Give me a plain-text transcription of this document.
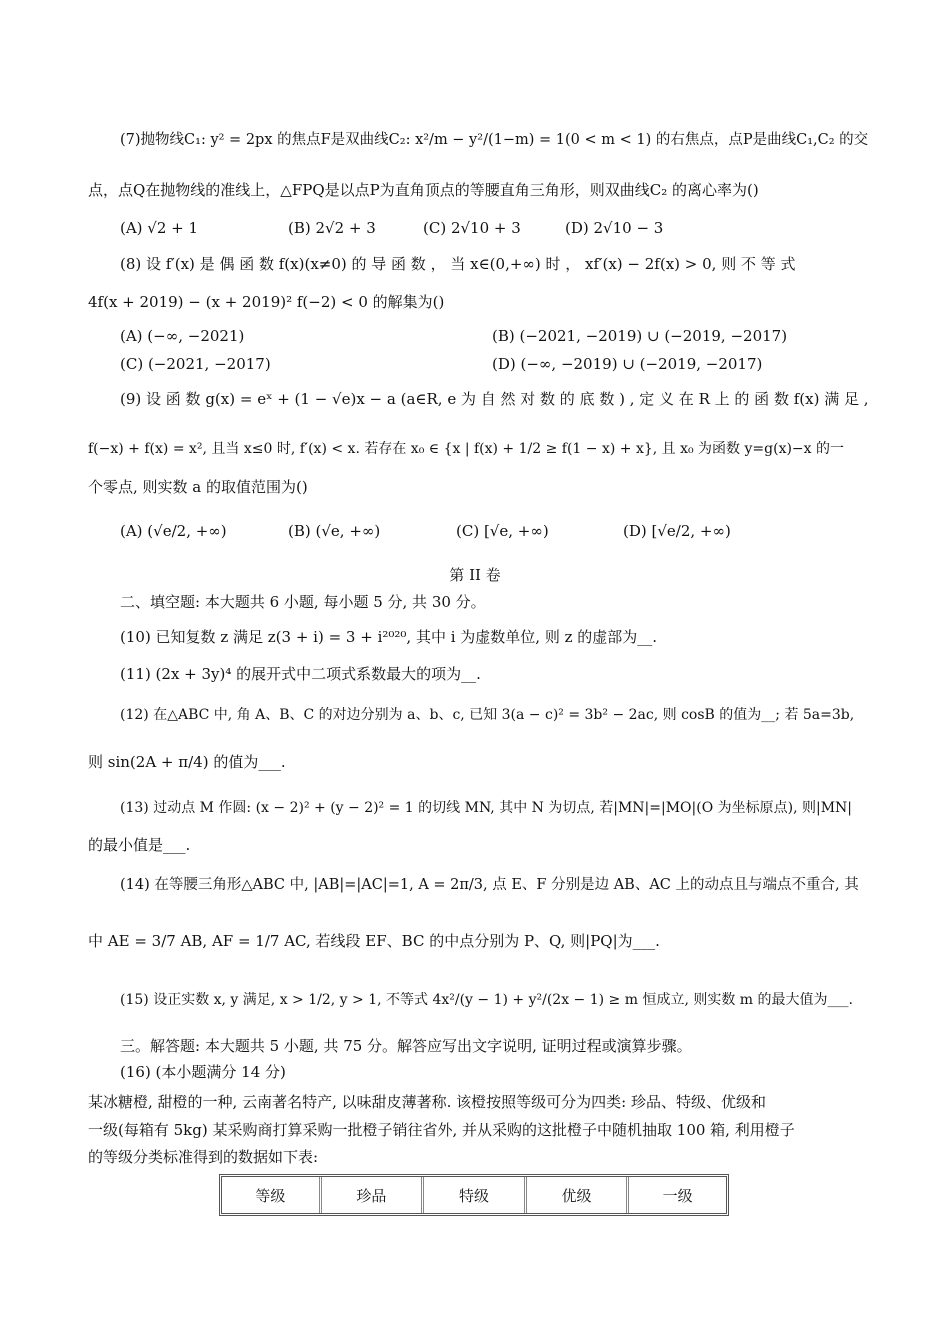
(7)抛物线C₁: y² = 2px 的焦点F是双曲线C₂: x²/m − y²/(1−m) = 1(0 < m < 1) 的右焦点，点P是曲线C₁,C₂ 的交
点，点Q在抛物线的准线上，△FPQ是以点P为直角顶点的等腰直角三角形，则双曲线C₂ 的离心率为()
(A) √2 + 1	(B) 2√2 + 3	(C) 2√10 + 3	(D) 2√10 − 3
(8) 设 f′(x) 是 偶 函 数 f(x)(x≠0) 的 导 函 数 ， 当 x∈(0,+∞) 时 ， xf′(x) − 2f(x) > 0, 则 不 等 式
4f(x + 2019) − (x + 2019)² f(−2) < 0 的解集为()
(A) (−∞, −2021)	(B) (−2021, −2019) ∪ (−2019, −2017)
(C) (−2021, −2017)	(D) (−∞, −2019) ∪ (−2019, −2017)
(9) 设 函 数 g(x) = eˣ + (1 − √e)x − a (a∈R, e 为 自 然 对 数 的 底 数 ) , 定 义 在 R 上 的 函 数 f(x) 满 足 ,
f(−x) + f(x) = x², 且当 x≤0 时, f′(x) < x. 若存在 x₀ ∈ {x | f(x) + 1/2 ≥ f(1 − x) + x}, 且 x₀ 为函数 y=g(x)−x 的一
个零点, 则实数 a 的取值范围为()
(A) (√e/2, +∞)	(B) (√e, +∞)	(C) [√e, +∞)	(D) [√e/2, +∞)
第 II 卷
二、填空题: 本大题共 6 小题, 每小题 5 分, 共 30 分。
(10) 已知复数 z 满足 z(3 + i) = 3 + i²⁰²⁰, 其中 i 为虚数单位, 则 z 的虚部为__.
(11) (2x + 3y)⁴ 的展开式中二项式系数最大的项为__.
(12) 在△ABC 中, 角 A、B、C 的对边分别为 a、b、c, 已知 3(a − c)² = 3b² − 2ac, 则 cosB 的值为__; 若 5a=3b,
则 sin(2A + π/4) 的值为___.
(13) 过动点 M 作圆: (x − 2)² + (y − 2)² = 1 的切线 MN, 其中 N 为切点, 若|MN|=|MO|(O 为坐标原点), 则|MN|
的最小值是___.
(14) 在等腰三角形△ABC 中, |AB|=|AC|=1, A = 2π/3, 点 E、F 分别是边 AB、AC 上的动点且与端点不重合, 其
中 AE = 3/7 AB, AF = 1/7 AC, 若线段 EF、BC 的中点分别为 P、Q, 则|PQ|为___.
(15) 设正实数 x, y 满足, x > 1/2, y > 1, 不等式 4x²/(y − 1) + y²/(2x − 1) ≥ m 恒成立, 则实数 m 的最大值为___.
三。解答题: 本大题共 5 小题, 共 75 分。解答应写出文字说明, 证明过程或演算步骤。
(16) (本小题满分 14 分)
某冰糖橙, 甜橙的一种, 云南著名特产, 以味甜皮薄著称. 该橙按照等级可分为四类: 珍品、特级、优级和
一级(每箱有 5kg) 某采购商打算采购一批橙子销往省外, 并从采购的这批橙子中随机抽取 100 箱, 利用橙子
的等级分类标准得到的数据如下表:
等级	珍品	特级	优级	一级
